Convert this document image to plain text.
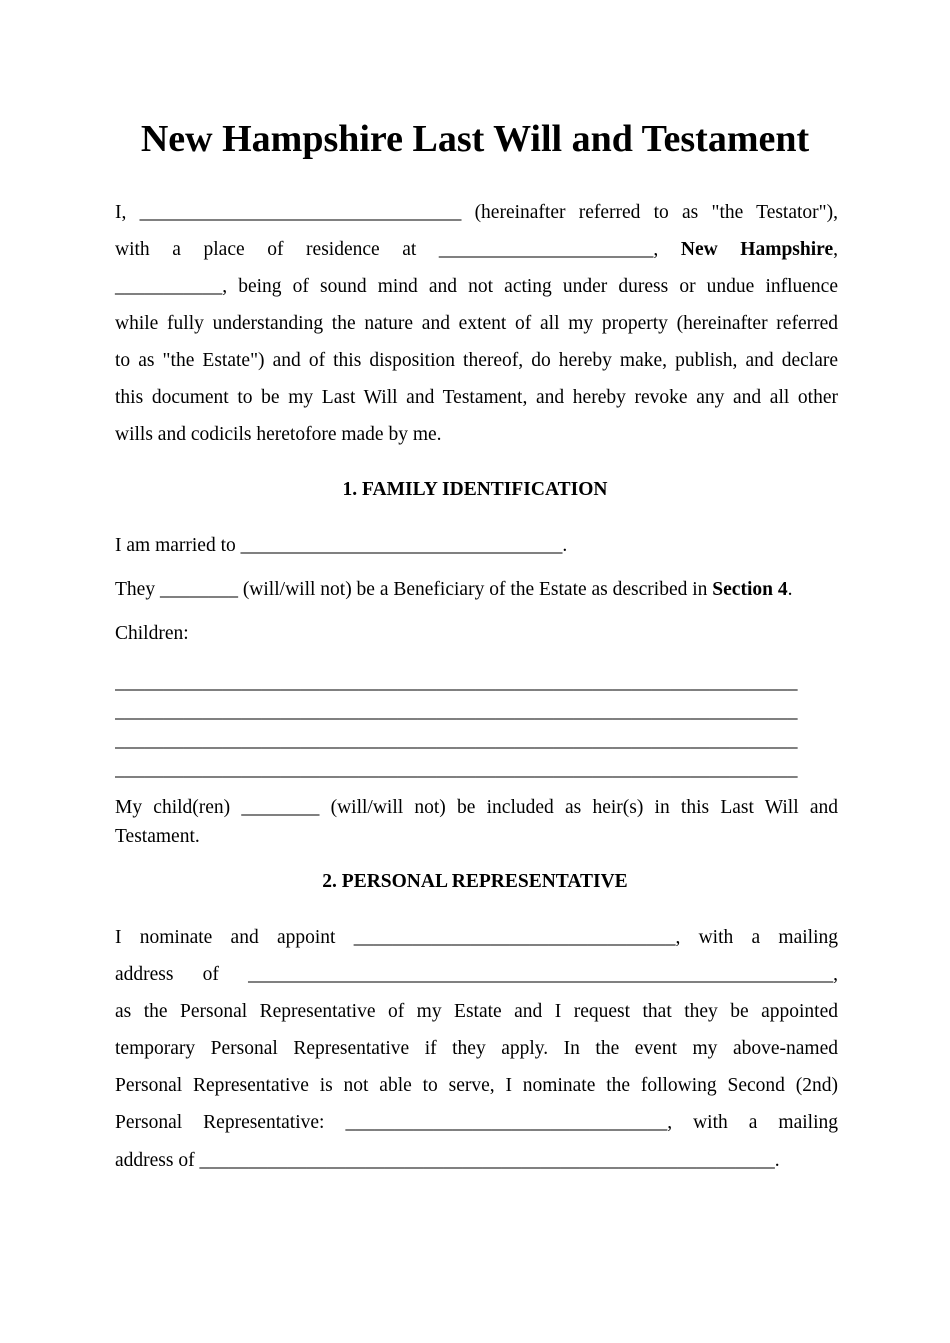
New Hampshire Last Will and Testament
I, _________________________________ (hereinafter referred to as "the Testator"),
with a place of residence at ______________________, New Hampshire,
___________, being of sound mind and not acting under duress or undue influence
while fully understanding the nature and extent of all my property (hereinafter referred
to as "the Estate") and of this disposition thereof, do hereby make, publish, and declare
this document to be my Last Will and Testament, and hereby revoke any and all other
wills and codicils heretofore made by me.
1. FAMILY IDENTIFICATION
I am married to _________________________________.
They ________ (will/will not) be a Beneficiary of the Estate as described in Section 4.
Children:
______________________________________________________________________
______________________________________________________________________
______________________________________________________________________
______________________________________________________________________
My child(ren) ________ (will/will not) be included as heir(s) in this Last Will and
Testament.
2. PERSONAL REPRESENTATIVE
I nominate and appoint _________________________________, with a mailing
address of ____________________________________________________________,
as the Personal Representative of my Estate and I request that they be appointed
temporary Personal Representative if they apply. In the event my above-named
Personal Representative is not able to serve, I nominate the following Second (2nd)
Personal Representative: _________________________________, with a mailing
address of ___________________________________________________________.
